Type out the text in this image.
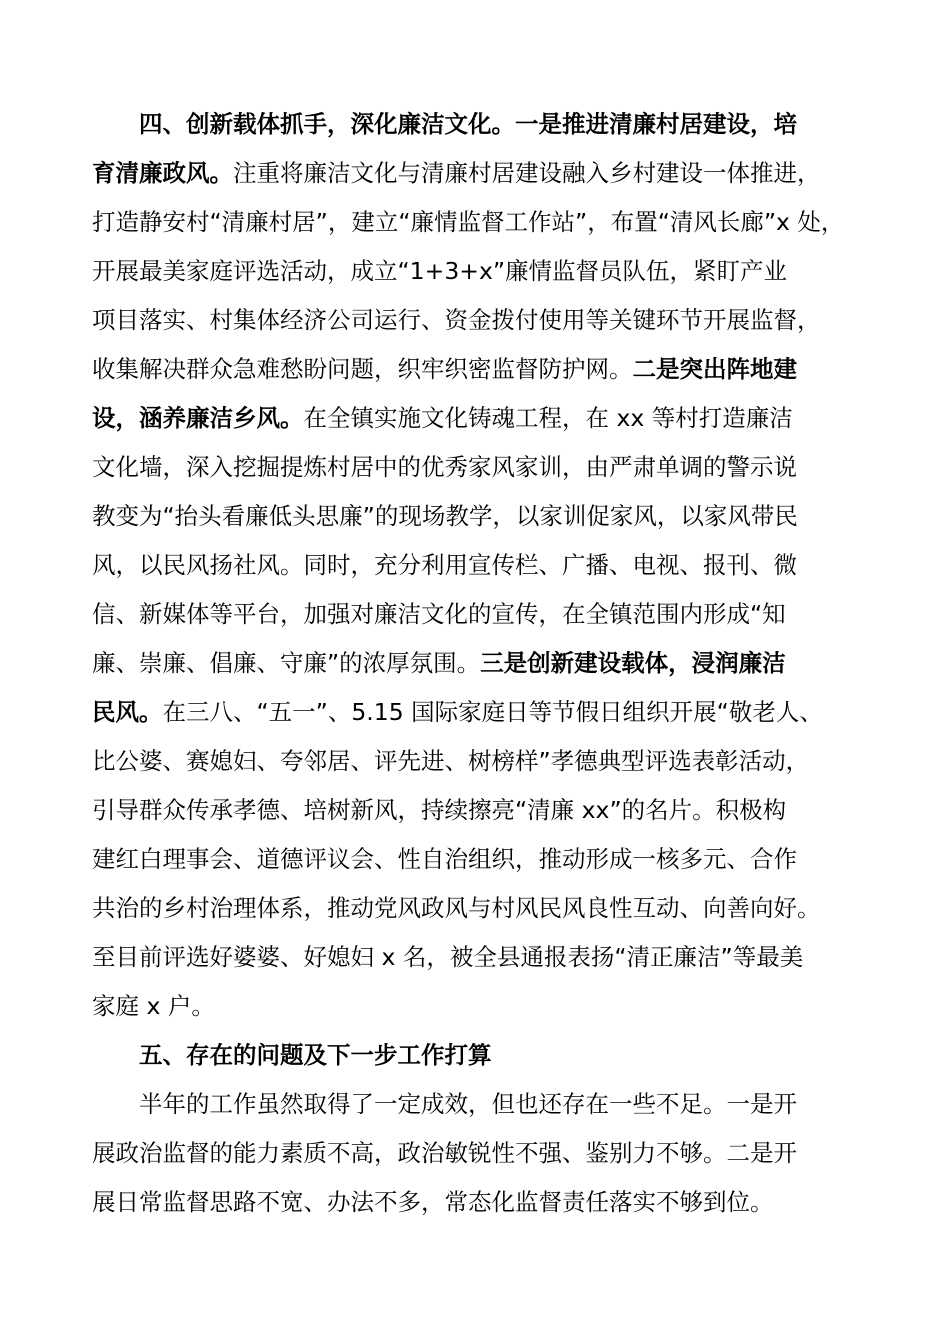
四、创新载体抓手，深化廉洁文化。一是推进清廉村居建设，培
育清廉政风。注重将廉洁文化与清廉村居建设融入乡村建设一体推进，
打造静安村“清廉村居”，建立“廉情监督工作站”，布置“清风长廊”x 处，
开展最美家庭评选活动，成立“1+3+x”廉情监督员队伍，紧盯产业
项目落实、村集体经济公司运行、资金拨付使用等关键环节开展监督，
收集解决群众急难愁盼问题，织牢织密监督防护网。二是突出阵地建
设，涵养廉洁乡风。在全镇实施文化铸魂工程，在 xx 等村打造廉洁
文化墙，深入挖掘提炼村居中的优秀家风家训，由严肃单调的警示说
教变为“抬头看廉低头思廉”的现场教学，以家训促家风，以家风带民
风，以民风扬社风。同时，充分利用宣传栏、广播、电视、报刊、微
信、新媒体等平台，加强对廉洁文化的宣传，在全镇范围内形成“知
廉、崇廉、倡廉、守廉”的浓厚氛围。三是创新建设载体，浸润廉洁
民风。在三八、“五一”、5.15 国际家庭日等节假日组织开展“敬老人、
比公婆、赛媳妇、夸邻居、评先进、树榜样”孝德典型评选表彰活动，
引导群众传承孝德、培树新风，持续擦亮“清廉 xx”的名片。积极构
建红白理事会、道德评议会、性自治组织，推动形成一核多元、合作
共治的乡村治理体系，推动党风政风与村风民风良性互动、向善向好。
至目前评选好婆婆、好媳妇 x 名，被全县通报表扬“清正廉洁”等最美
家庭 x 户。
五、存在的问题及下一步工作打算
半年的工作虽然取得了一定成效，但也还存在一些不足。一是开
展政治监督的能力素质不高，政治敏锐性不强、鉴别力不够。二是开
展日常监督思路不宽、办法不多，常态化监督责任落实不够到位。
